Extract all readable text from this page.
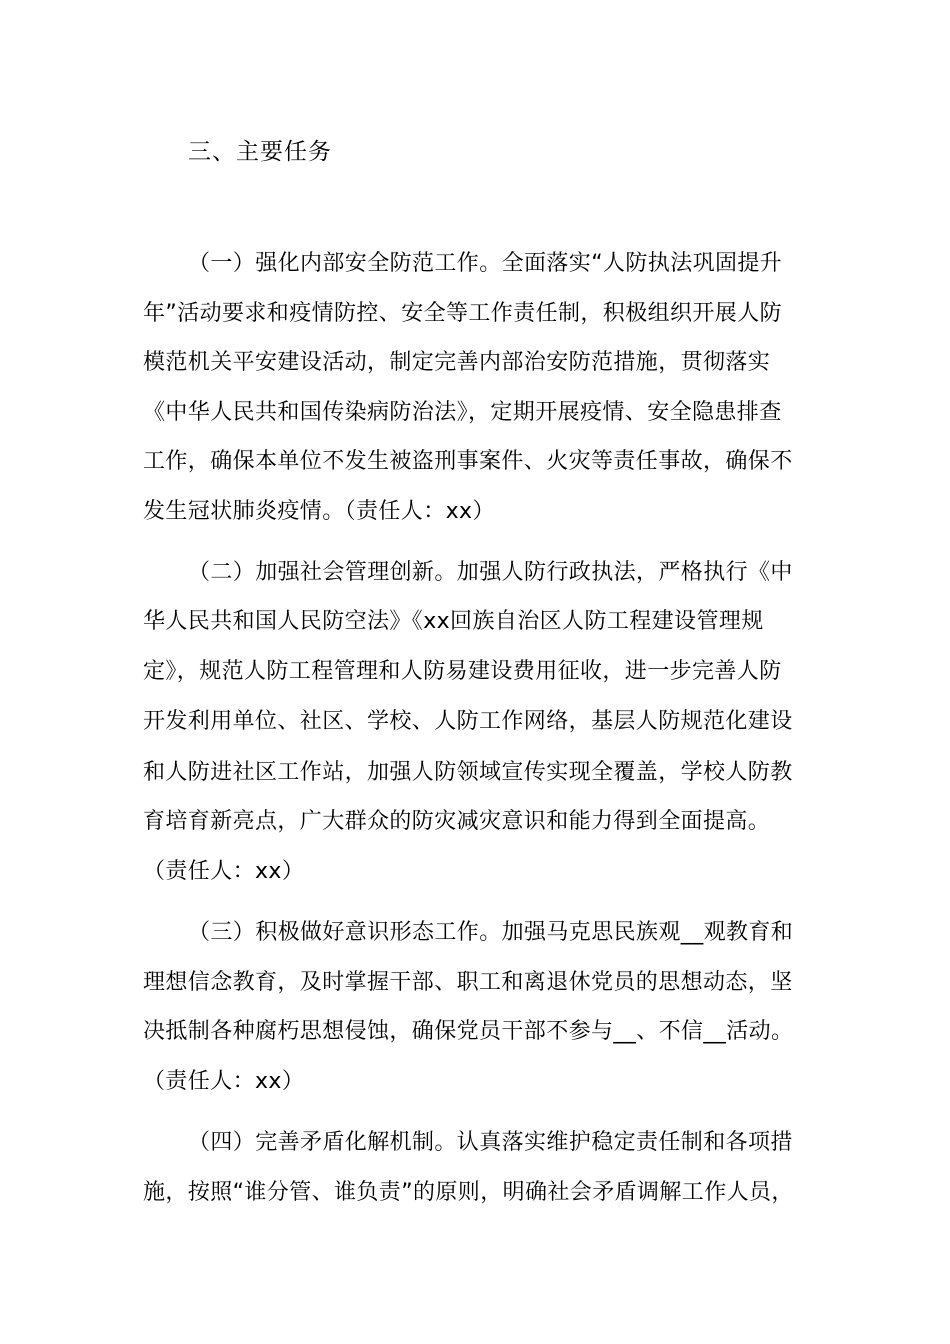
三、主要任务
（一）强化内部安全防范工作。全面落实“人防执法巩固提升
年”活动要求和疫情防控、安全等工作责任制，积极组织开展人防
模范机关平安建设活动，制定完善内部治安防范措施，贯彻落实
《中华人民共和国传染病防治法》，定期开展疫情、安全隐患排查
工作，确保本单位不发生被盗刑事案件、火灾等责任事故，确保不
发生冠状肺炎疫情。（责任人：xx）
（二）加强社会管理创新。加强人防行政执法，严格执行《中
华人民共和国人民防空法》《xx回族自治区人防工程建设管理规
定》，规范人防工程管理和人防易建设费用征收，进一步完善人防
开发利用单位、社区、学校、人防工作网络，基层人防规范化建设
和人防进社区工作站，加强人防领域宣传实现全覆盖，学校人防教
育培育新亮点，广大群众的防灾减灾意识和能力得到全面提高。
（责任人：xx）
（三）积极做好意识形态工作。加强马克思民族观__观教育和
理想信念教育，及时掌握干部、职工和离退休党员的思想动态，坚
决抵制各种腐朽思想侵蚀，确保党员干部不参与__、不信__活动。
（责任人：xx）
（四）完善矛盾化解机制。认真落实维护稳定责任制和各项措
施，按照“谁分管、谁负责”的原则，明确社会矛盾调解工作人员，
